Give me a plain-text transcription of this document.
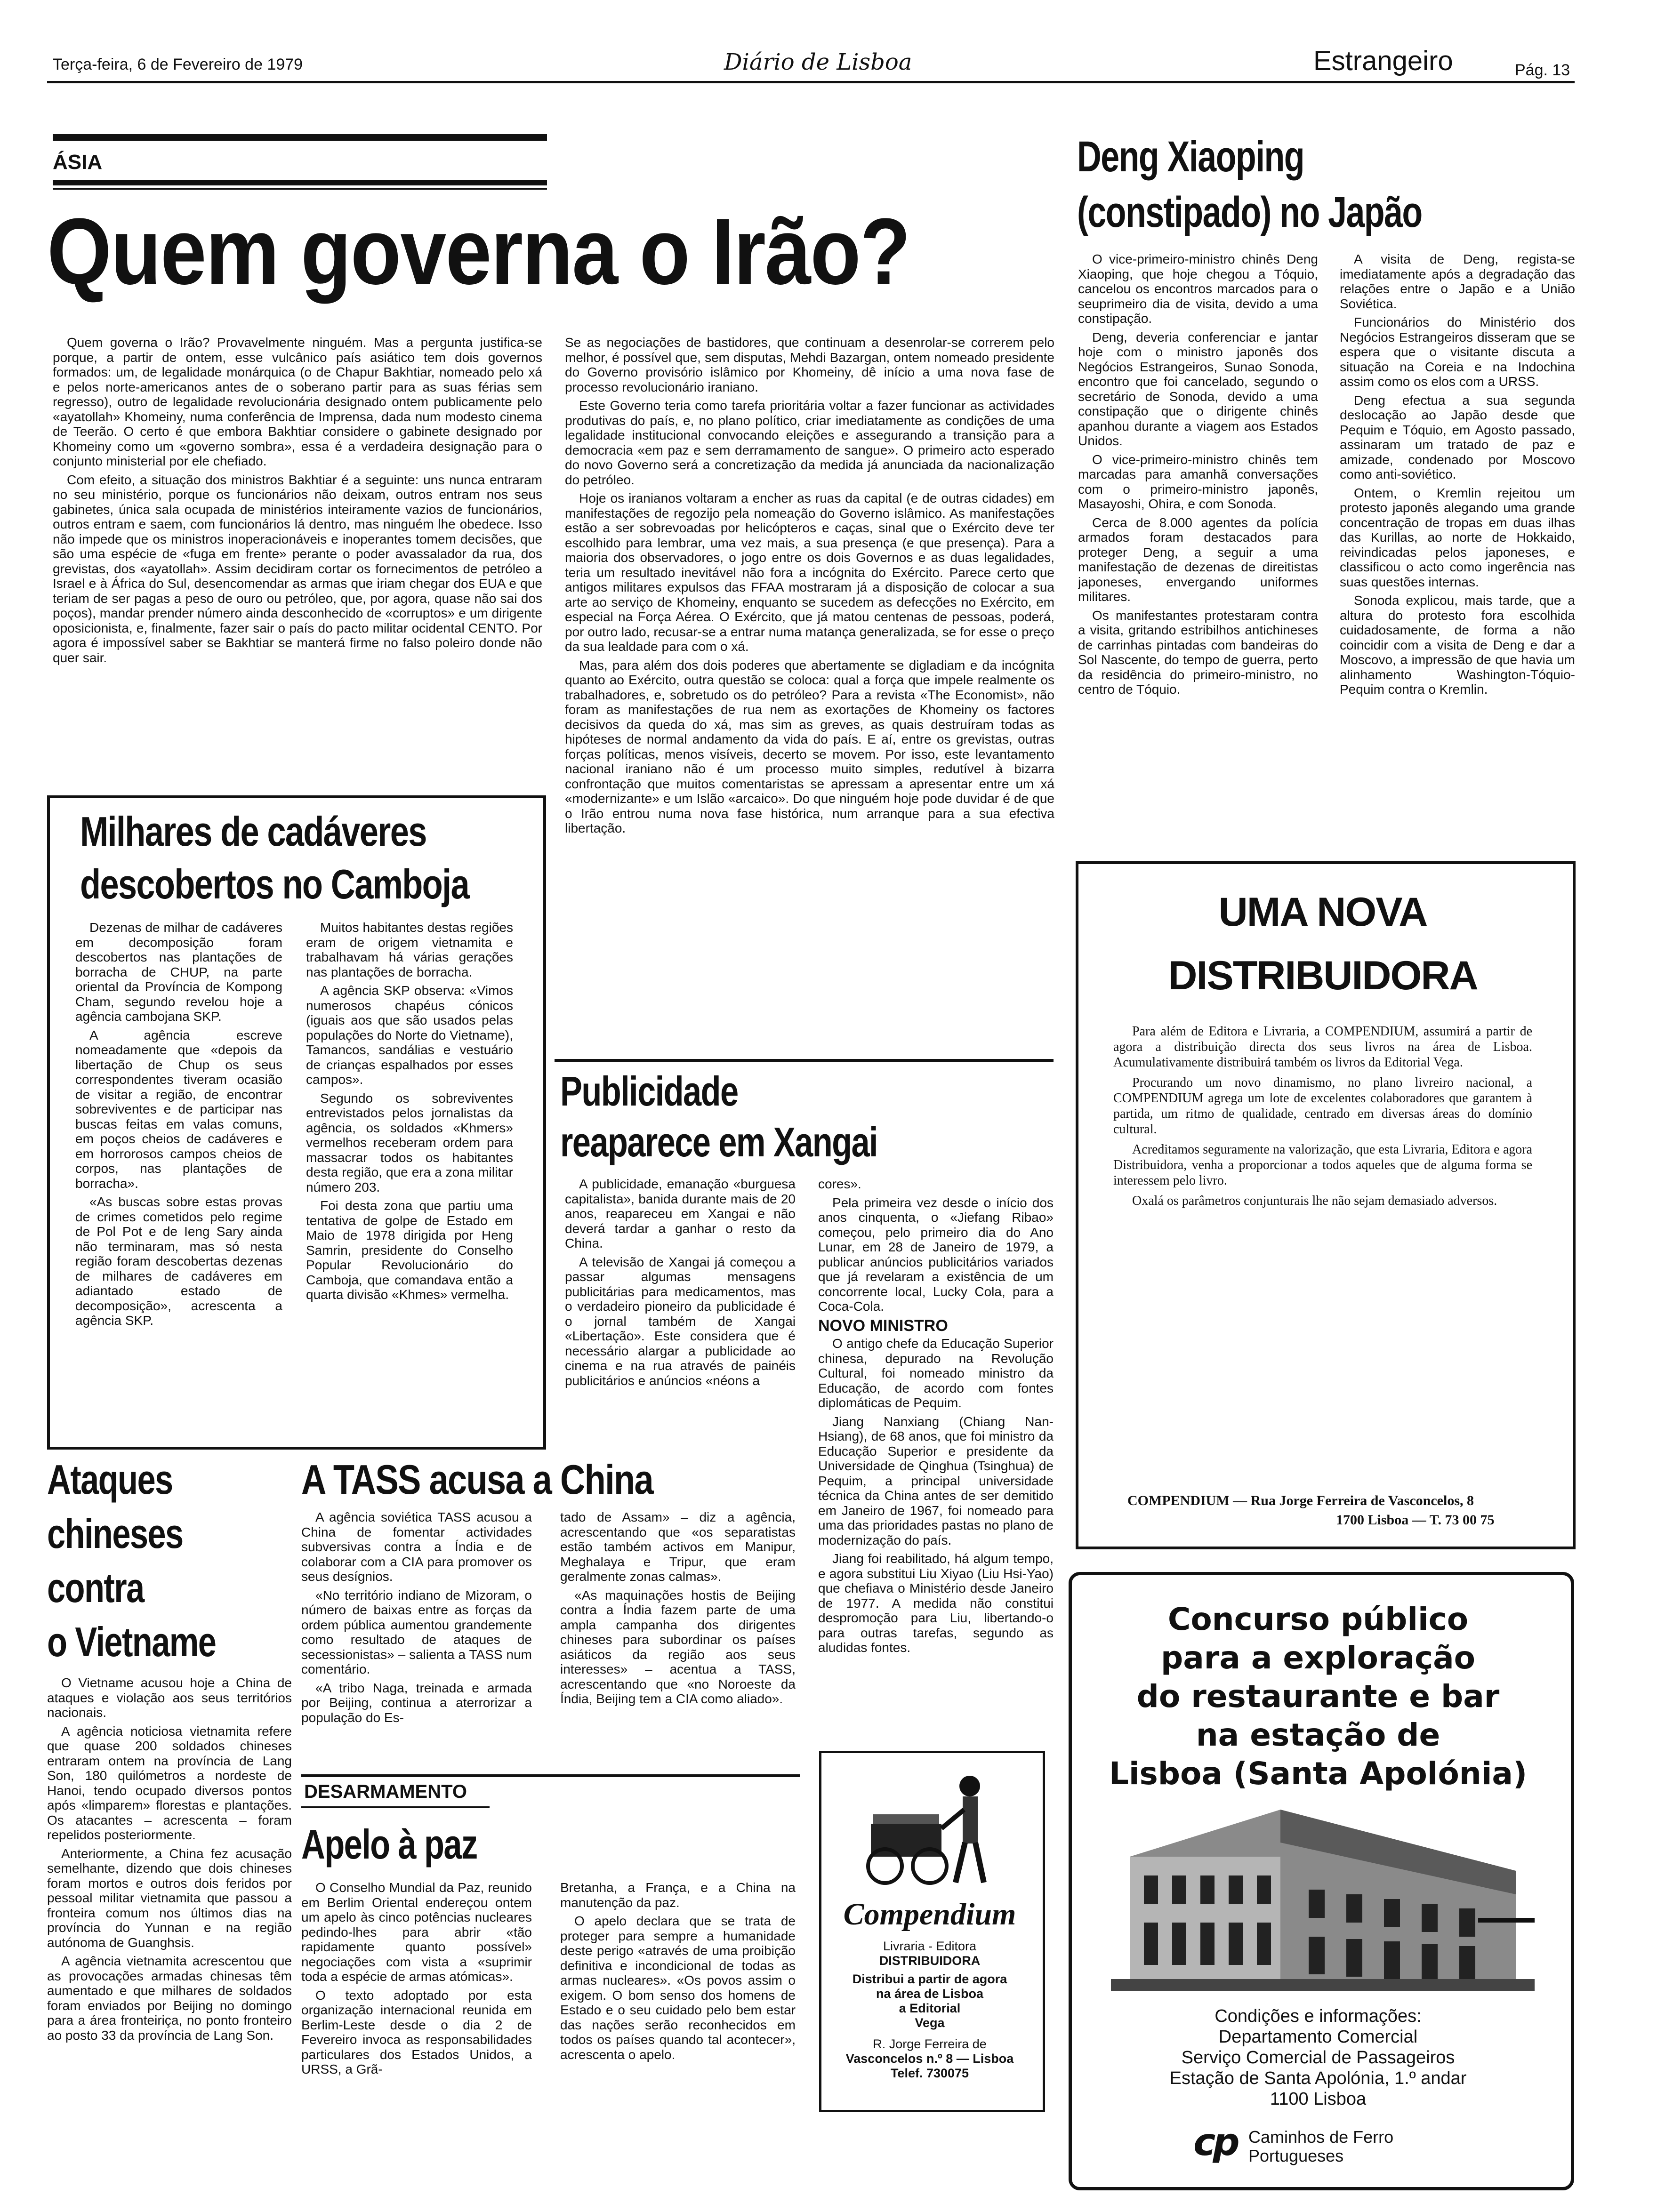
Terça-feira, 6 de Fevereiro de 1979	Diário de Lisboa	Estrangeiro	Pág. 13
ÁSIA
Quem governa o Irão?

Quem governa o Irão? Provavelmente ninguém. Mas a pergunta justifica-se porque, a partir de ontem, esse vulcânico país asiático tem dois governos formados: um, de legalidade monárquica (o de Chapur Bakhtiar, nomeado pelo xá e pelos norte-americanos antes de o soberano partir para as suas férias sem regresso), outro de legalidade revolucionária designado ontem publicamente pelo «ayatollah» Khomeiny, numa conferência de Imprensa, dada num modesto cinema de Teerão. O certo é que embora Bakhtiar considere o gabinete designado por Khomeiny como um «governo sombra», essa é a verdadeira designação para o conjunto ministerial por ele chefiado.

Com efeito, a situação dos ministros Bakhtiar é a seguinte: uns nunca entraram no seu ministério, porque os funcionários não deixam, outros entram nos seus gabinetes, única sala ocupada de ministérios inteiramente vazios de funcionários, outros entram e saem, com funcionários lá dentro, mas ninguém lhe obedece. Isso não impede que os ministros inoperacionáveis e inoperantes tomem decisões, que são uma espécie de «fuga em frente» perante o poder avassalador da rua, dos grevistas, dos «ayatollah». Assim decidiram cortar os fornecimentos de petróleo a Israel e à África do Sul, desencomendar as armas que iriam chegar dos EUA e que teriam de ser pagas a peso de ouro ou petróleo, que, por agora, quase não sai dos poços), mandar prender número ainda desconhecido de «corruptos» e um dirigente oposicionista, e, finalmente, fazer sair o país do pacto militar ocidental CENTO. Por agora é impossível saber se Bakhtiar se manterá firme no falso poleiro donde não quer sair.

Se as negociações de bastidores, que continuam a desenrolar-se correrem pelo melhor, é possível que, sem disputas, Mehdi Bazargan, ontem nomeado presidente do Governo provisório islâmico por Khomeiny, dê início a uma nova fase de processo revolucionário iraniano.

Este Governo teria como tarefa prioritária voltar a fazer funcionar as actividades produtivas do país, e, no plano político, criar imediatamente as condições de uma legalidade institucional convocando eleições e assegurando a transição para a democracia «em paz e sem derramamento de sangue». O primeiro acto esperado do novo Governo será a concretização da medida já anunciada da nacionalização do petróleo.

Hoje os iranianos voltaram a encher as ruas da capital (e de outras cidades) em manifestações de regozijo pela nomeação do Governo islâmico. As manifestações estão a ser sobrevoadas por helicópteros e caças, sinal que o Exército deve ter escolhido para lembrar, uma vez mais, a sua presença (e que presença). Para a maioria dos observadores, o jogo entre os dois Governos e as duas legalidades, teria um resultado inevitável não fora a incógnita do Exército. Parece certo que antigos militares expulsos das FFAA mostraram já a disposição de colocar a sua arte ao serviço de Khomeiny, enquanto se sucedem as defecções no Exército, em especial na Força Aérea. O Exército, que já matou centenas de pessoas, poderá, por outro lado, recusar-se a entrar numa matança generalizada, se for esse o preço da sua lealdade para com o xá.

Mas, para além dos dois poderes que abertamente se digladiam e da incógnita quanto ao Exército, outra questão se coloca: qual a força que impele realmente os trabalhadores, e, sobretudo os do petróleo? Para a revista «The Economist», não foram as manifestações de rua nem as exortações de Khomeiny os factores decisivos da queda do xá, mas sim as greves, as quais destruíram todas as hipóteses de normal andamento da vida do país. E aí, entre os grevistas, outras forças políticas, menos visíveis, decerto se movem. Por isso, este levantamento nacional iraniano não é um processo muito simples, redutível à bizarra confrontação que muitos comentaristas se apressam a apresentar entre um xá «modernizante» e um Islão «arcaico». Do que ninguém hoje pode duvidar é de que o Irão entrou numa nova fase histórica, num arranque para a sua efectiva libertação.

Deng Xiaoping
(constipado) no Japão

O vice-primeiro-ministro chinês Deng Xiaoping, que hoje chegou a Tóquio, cancelou os encontros marcados para o seuprimeiro dia de visita, devido a uma constipação.

Deng, deveria conferenciar e jantar hoje com o ministro japonês dos Negócios Estrangeiros, Sunao Sonoda, encontro que foi cancelado, segundo o secretário de Sonoda, devido a uma constipação que o dirigente chinês apanhou durante a viagem aos Estados Unidos.

O vice-primeiro-ministro chinês tem marcadas para amanhã conversações com o primeiro-ministro japonês, Masayoshi, Ohira, e com Sonoda.

Cerca de 8.000 agentes da polícia armados foram destacados para proteger Deng, a seguir a uma manifestação de dezenas de direitistas japoneses, envergando uniformes militares.

Os manifestantes protestaram contra a visita, gritando estribilhos antichineses de carrinhas pintadas com bandeiras do Sol Nascente, do tempo de guerra, perto da residência do primeiro-ministro, no centro de Tóquio.

A visita de Deng, regista-se imediatamente após a degradação das relações entre o Japão e a União Soviética.

Funcionários do Ministério dos Negócios Estrangeiros disseram que se espera que o visitante discuta a situação na Coreia e na Indochina assim como os elos com a URSS.

Deng efectua a sua segunda deslocação ao Japão desde que Pequim e Tóquio, em Agosto passado, assinaram um tratado de paz e amizade, condenado por Moscovo como anti-soviético.

Ontem, o Kremlin rejeitou um protesto japonês alegando uma grande concentração de tropas em duas ilhas das Kurillas, ao norte de Hokkaido, reivindicadas pelos japoneses, e classificou o acto como ingerência nas suas questões internas.

Sonoda explicou, mais tarde, que a altura do protesto fora escolhida cuidadosamente, de forma a não coincidir com a visita de Deng e dar a Moscovo, a impressão de que havia um alinhamento Washington-Tóquio-Pequim contra o Kremlin.

Milhares de cadáveres
descobertos no Camboja

Dezenas de milhar de cadáveres em decomposição foram descobertos nas plantações de borracha de CHUP, na parte oriental da Província de Kompong Cham, segundo revelou hoje a agência cambojana SKP.

A agência escreve nomeadamente que «depois da libertação de Chup os seus correspondentes tiveram ocasião de visitar a região, de encontrar sobreviventes e de participar nas buscas feitas em valas comuns, em poços cheios de cadáveres e em horrorosos campos cheios de corpos, nas plantações de borracha».

«As buscas sobre estas provas de crimes cometidos pelo regime de Pol Pot e de Ieng Sary ainda não terminaram, mas só nesta região foram descobertas dezenas de milhares de cadáveres em adiantado estado de decomposição», acrescenta a agência SKP.

Muitos habitantes destas regiões eram de origem vietnamita e trabalhavam há várias gerações nas plantações de borracha.

A agência SKP observa: «Vimos numerosos chapéus cónicos (iguais aos que são usados pelas populações do Norte do Vietname), Tamancos, sandálias e vestuário de crianças espalhados por esses campos».

Segundo os sobreviventes entrevistados pelos jornalistas da agência, os soldados «Khmers» vermelhos receberam ordem para massacrar todos os habitantes desta região, que era a zona militar número 203.

Foi desta zona que partiu uma tentativa de golpe de Estado em Maio de 1978 dirigida por Heng Samrin, presidente do Conselho Popular Revolucionário do Camboja, que comandava então a quarta divisão «Khmes» vermelha.

Publicidade
reaparece em Xangai

A publicidade, emanação «burguesa capitalista», banida durante mais de 20 anos, reapareceu em Xangai e não deverá tardar a ganhar o resto da China.

A televisão de Xangai já começou a passar algumas mensagens publicitárias para medicamentos, mas o verdadeiro pioneiro da publicidade é o jornal também de Xangai «Libertação». Este considera que é necessário alargar a publicidade ao cinema e na rua através de painéis publicitários e anúncios «néons a

cores».

Pela primeira vez desde o início dos anos cinquenta, o «Jiefang Ribao» começou, pelo primeiro dia do Ano Lunar, em 28 de Janeiro de 1979, a publicar anúncios publicitários variados que já revelaram a existência de um concorrente local, Lucky Cola, para a Coca-Cola.

NOVO MINISTRO

O antigo chefe da Educação Superior chinesa, depurado na Revolução Cultural, foi nomeado ministro da Educação, de acordo com fontes diplomáticas de Pequim.

Jiang Nanxiang (Chiang Nan-Hsiang), de 68 anos, que foi ministro da Educação Superior e presidente da Universidade de Qinghua (Tsinghua) de Pequim, a principal universidade técnica da China antes de ser demitido em Janeiro de 1967, foi nomeado para uma das prioridades pastas no plano de modernização do país.

Jiang foi reabilitado, há algum tempo, e agora substitui Liu Xiyao (Liu Hsi-Yao) que chefiava o Ministério desde Janeiro de 1977. A medida não constitui despromoção para Liu, libertando-o para outras tarefas, segundo as aludidas fontes.

Ataques
chineses
contra
o Vietname

O Vietname acusou hoje a China de ataques e violação aos seus territórios nacionais.

A agência noticiosa vietnamita refere que quase 200 soldados chineses entraram ontem na província de Lang Son, 180 quilómetros a nordeste de Hanoi, tendo ocupado diversos pontos após «limparem» florestas e plantações. Os atacantes – acrescenta – foram repelidos posteriormente.

Anteriormente, a China fez acusação semelhante, dizendo que dois chineses foram mortos e outros dois feridos por pessoal militar vietnamita que passou a fronteira comum nos últimos dias na província do Yunnan e na região autónoma de Guanghsis.

A agência vietnamita acrescentou que as provocações armadas chinesas têm aumentado e que milhares de soldados foram enviados por Beijing no domingo para a área fronteiriça, no ponto fronteiro ao posto 33 da província de Lang Son.

A TASS acusa a China

A agência soviética TASS acusou a China de fomentar actividades subversivas contra a Índia e de colaborar com a CIA para promover os seus desígnios.

«No território indiano de Mizoram, o número de baixas entre as forças da ordem pública aumentou grandemente como resultado de ataques de secessionistas» – salienta a TASS num comentário.

«A tribo Naga, treinada e armada por Beijing, continua a aterrorizar a população do Es-

tado de Assam» – diz a agência, acrescentando que «os separatistas estão também activos em Manipur, Meghalaya e Tripur, que eram geralmente zonas calmas».

«As maquinações hostis de Beijing contra a Índia fazem parte de uma ampla campanha dos dirigentes chineses para subordinar os países asiáticos da região aos seus interesses» – acentua a TASS, acrescentando que «no Noroeste da Índia, Beijing tem a CIA como aliado».

DESARMAMENTO
Apelo à paz

O Conselho Mundial da Paz, reunido em Berlim Oriental endereçou ontem um apelo às cinco potências nucleares pedindo-lhes para abrir «tão rapidamente quanto possível» negociações com vista a «suprimir toda a espécie de armas atómicas».

O texto adoptado por esta organização internacional reunida em Berlim-Leste desde o dia 2 de Fevereiro invoca as responsabilidades particulares dos Estados Unidos, a URSS, a Grã-

Bretanha, a França, e a China na manutenção da paz.

O apelo declara que se trata de proteger para sempre a humanidade deste perigo «através de uma proibição definitiva e incondicional de todas as armas nucleares». «Os povos assim o exigem. O bom senso dos homens de Estado e o seu cuidado pelo bem estar das nações serão reconhecidos em todos os países quando tal acontecer», acrescenta o apelo.

Compendium
Livraria - Editora
DISTRIBUIDORA
Distribui a partir de agora
na área de Lisboa
a Editorial
Vega
R. Jorge Ferreira de
Vasconcelos n.º 8 — Lisboa
Telef. 730075
UMA NOVA
DISTRIBUIDORA

Para além de Editora e Livraria, a COMPENDIUM, assumirá a partir de agora a distribuição directa dos seus livros na área de Lisboa. Acumulativamente distribuirá também os livros da Editorial Vega.

Procurando um novo dinamismo, no plano livreiro nacional, a COMPENDIUM agrega um lote de excelentes colaboradores que garantem à partida, um ritmo de qualidade, centrado em diversas áreas do domínio cultural.

Acreditamos seguramente na valorização, que esta Livraria, Editora e agora Distribuidora, venha a proporcionar a todos aqueles que de alguma forma se interessem pelo livro.

Oxalá os parâmetros conjunturais lhe não sejam demasiado adversos.

COMPENDIUM — Rua Jorge Ferreira de Vasconcelos, 8
1700 Lisboa — T. 73 00 75
Concurso público
para a exploração
do restaurante e bar
na estação de
Lisboa (Santa Apolónia)
Condições e informações:
Departamento Comercial
Serviço Comercial de Passageiros
Estação de Santa Apolónia, 1.º andar
1100 Lisboa
cp Caminhos de Ferro
Portugueses
